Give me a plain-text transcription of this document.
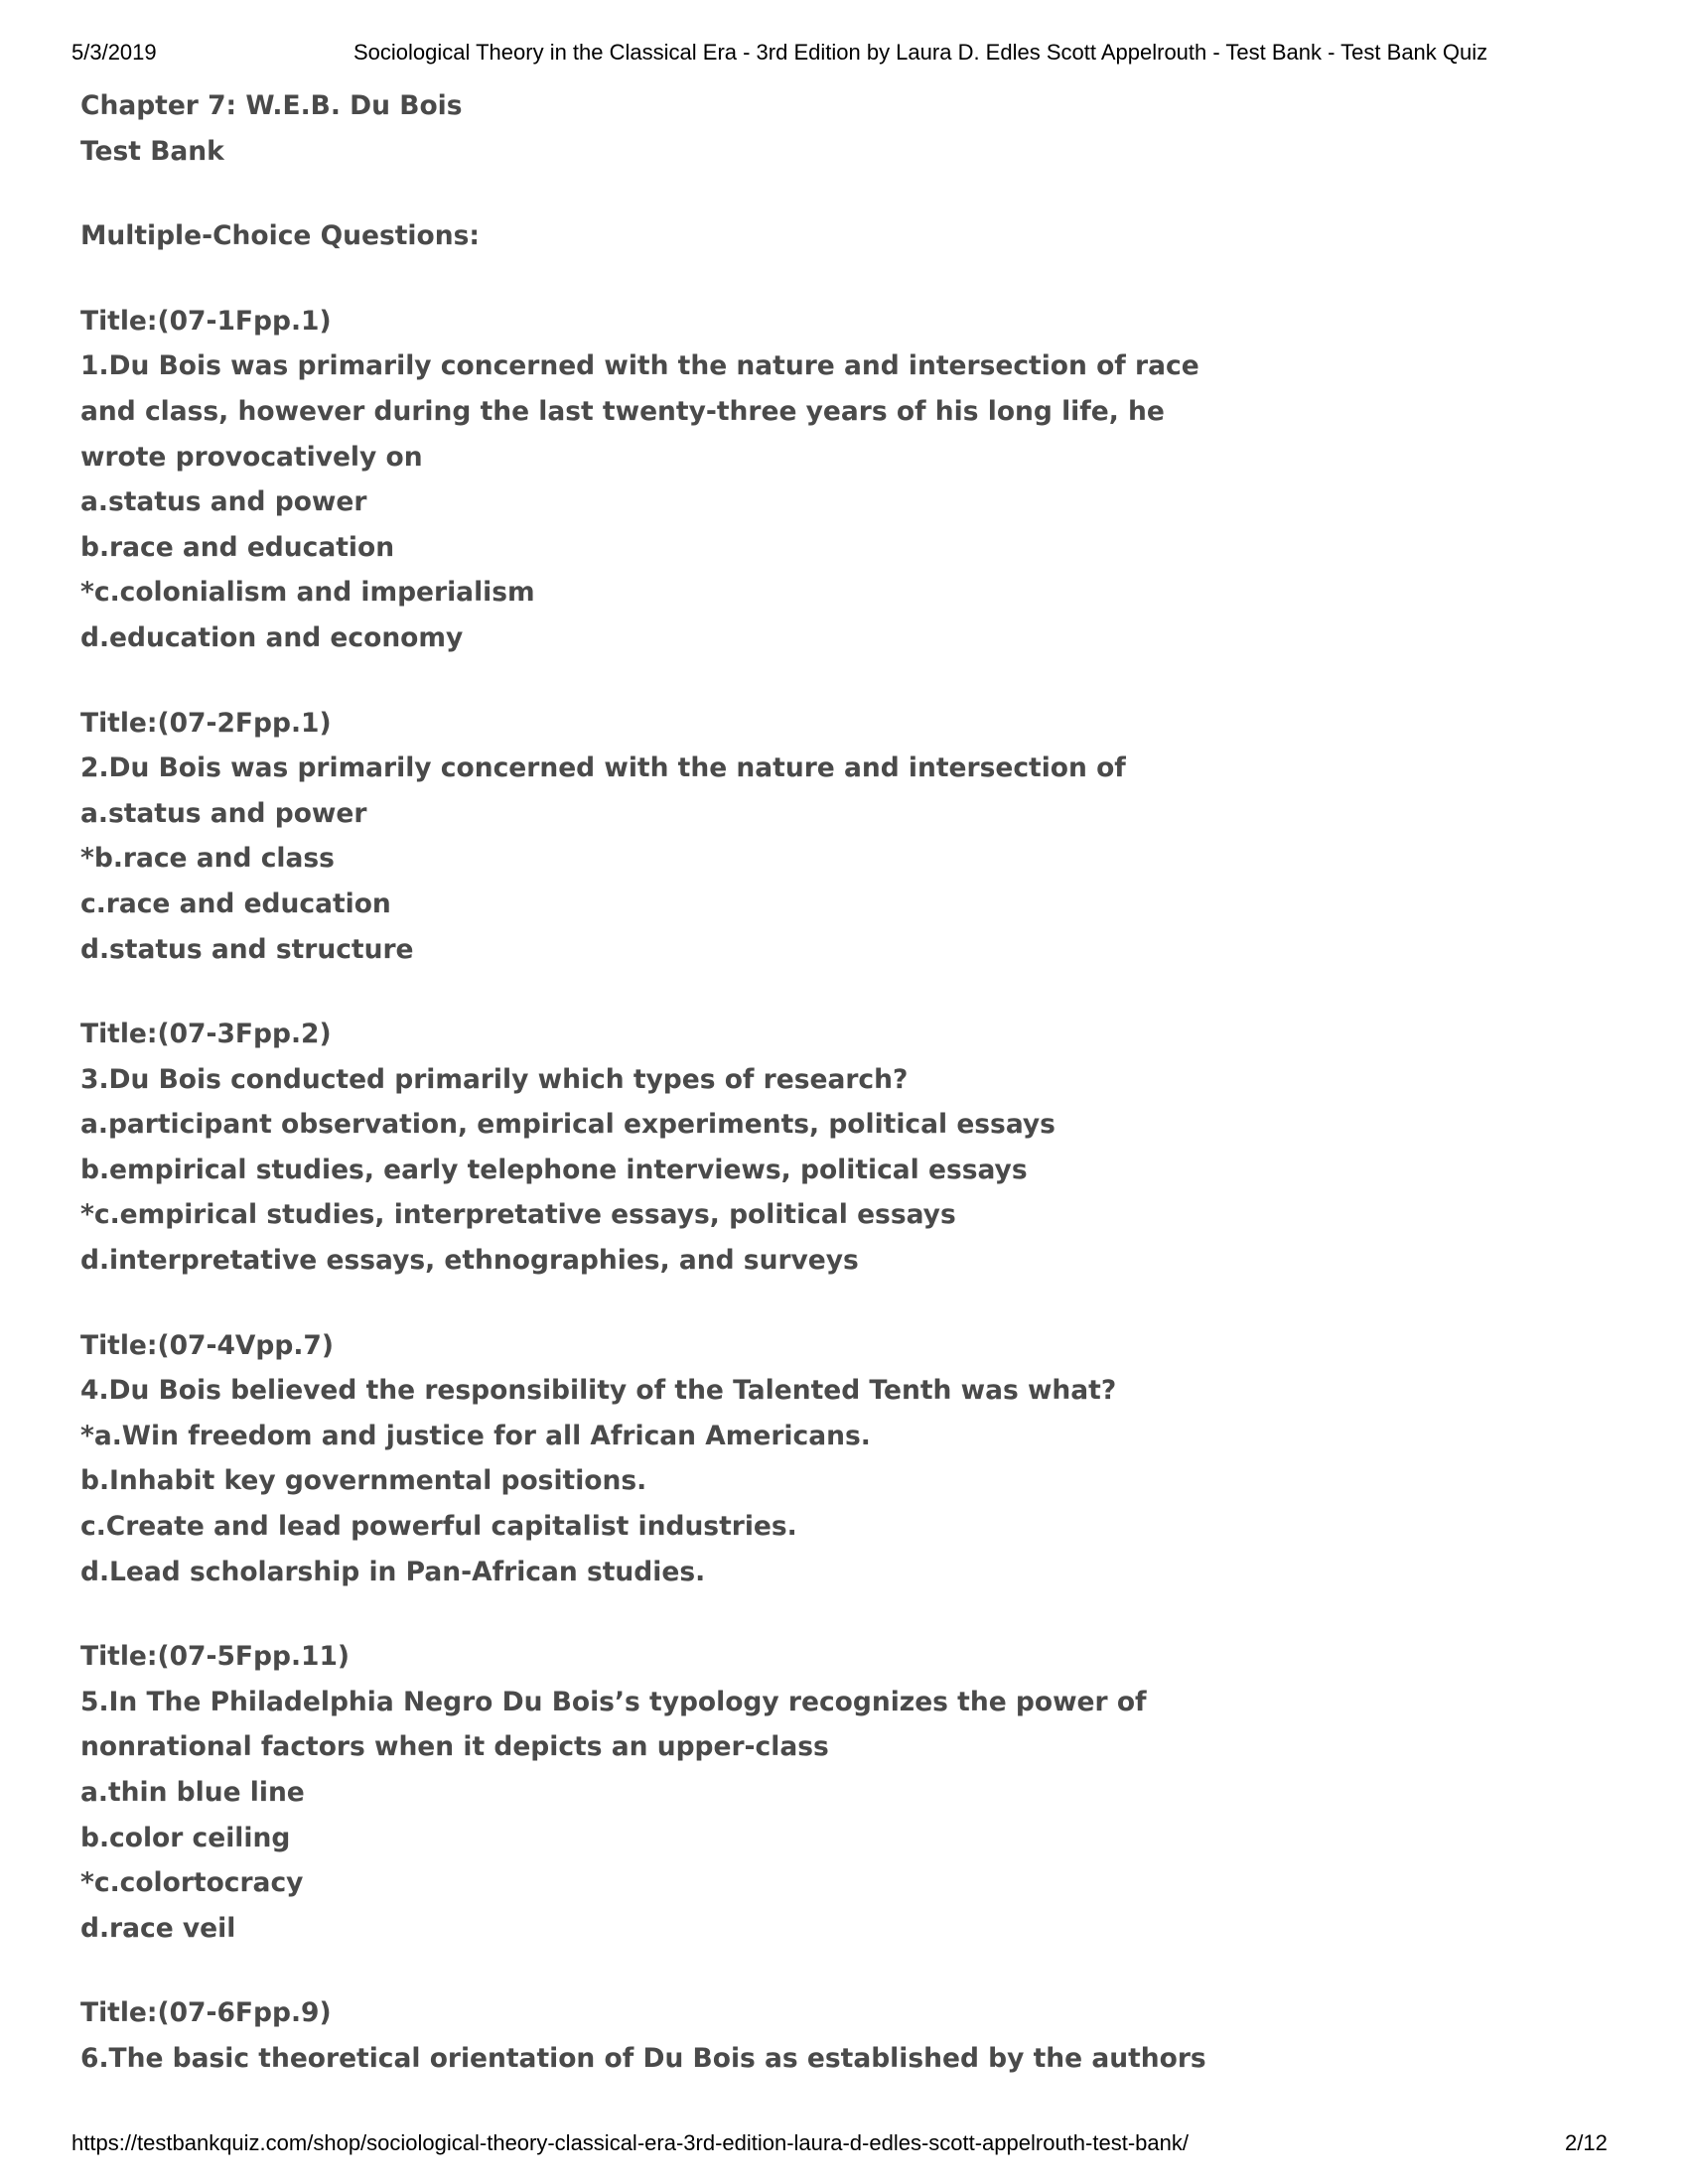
5/3/2019	Sociological Theory in the Classical Era - 3rd Edition by Laura D. Edles Scott Appelrouth - Test Bank - Test Bank Quiz
Chapter 7: W.E.B. Du Bois
Test Bank
Multiple-Choice Questions:
Title:(07-1Fpp.1)
1.Du Bois was primarily concerned with the nature and intersection of race
and class, however during the last twenty-three years of his long life, he
wrote provocatively on
a.status and power
b.race and education
*c.colonialism and imperialism
d.education and economy
Title:(07-2Fpp.1)
2.Du Bois was primarily concerned with the nature and intersection of
a.status and power
*b.race and class
c.race and education
d.status and structure
Title:(07-3Fpp.2)
3.Du Bois conducted primarily which types of research?
a.participant observation, empirical experiments, political essays
b.empirical studies, early telephone interviews, political essays
*c.empirical studies, interpretative essays, political essays
d.interpretative essays, ethnographies, and surveys
Title:(07-4Vpp.7)
4.Du Bois believed the responsibility of the Talented Tenth was what?
*a.Win freedom and justice for all African Americans.
b.Inhabit key governmental positions.
c.Create and lead powerful capitalist industries.
d.Lead scholarship in Pan-African studies.
Title:(07-5Fpp.11)
5.In The Philadelphia Negro Du Bois’s typology recognizes the power of
nonrational factors when it depicts an upper-class
a.thin blue line
b.color ceiling
*c.colortocracy
d.race veil
Title:(07-6Fpp.9)
6.The basic theoretical orientation of Du Bois as established by the authors
https://testbankquiz.com/shop/sociological-theory-classical-era-3rd-edition-laura-d-edles-scott-appelrouth-test-bank/	2/12
